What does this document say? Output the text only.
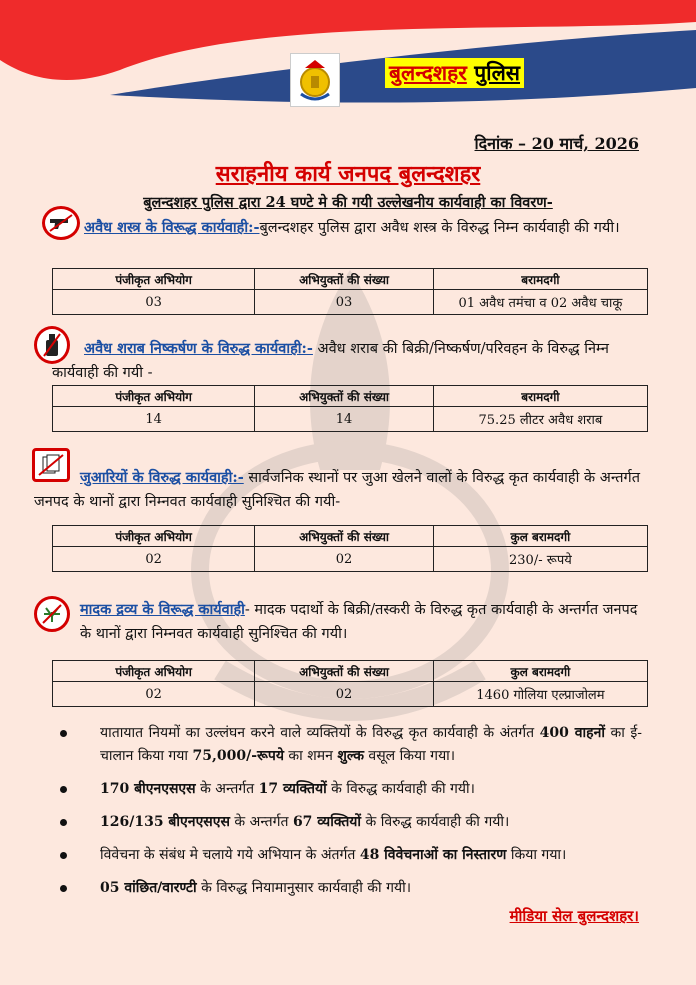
बुलन्दशहर पुलिस
दिनांक – 20 मार्च, 2026
सराहनीय कार्य जनपद बुलन्दशहर
बुलन्दशहर पुलिस द्वारा 24 घण्टे मे की गयी उल्लेखनीय कार्यवाही का विवरण-
अवैध शस्त्र के विरूद्ध कार्यवाही:-बुलन्दशहर पुलिस द्वारा अवैध शस्त्र के विरुद्ध निम्न कार्यवाही की गयी।
पंजीकृत अभियोग	अभियुक्तों की संख्या	बरामदगी
03	03	01 अवैध तमंचा व 02 अवैध चाकू
अवैध शराब निष्कर्षण के विरुद्ध कार्यवाही:- अवैध शराब की बिक्री/निष्कर्षण/परिवहन के विरुद्ध निम्न कार्यवाही की गयी -
पंजीकृत अभियोग	अभियुक्तों की संख्या	बरामदगी
14	14	75.25 लीटर अवैध शराब
जुआरियों के विरुद्ध कार्यवाही:- सार्वजनिक स्थानों पर जुआ खेलने वालों के विरुद्ध कृत कार्यवाही के अन्तर्गत जनपद के थानों द्वारा निम्नवत कार्यवाही सुनिश्चित की गयी-
पंजीकृत अभियोग	अभियुक्तों की संख्या	कुल बरामदगी
02	02	230/- रूपये
मादक द्रव्य के विरूद्ध कार्यवाही- मादक पदार्थो के बिक्री/तस्करी के विरुद्ध कृत कार्यवाही के अन्तर्गत जनपद के थानों द्वारा निम्नवत कार्यवाही सुनिश्चित की गयी।
पंजीकृत अभियोग	अभियुक्तों की संख्या	कुल बरामदगी
02	02	1460 गोलिया एल्प्राजोलम
यातायात नियमों का उल्लंघन करने वाले व्यक्तियों के विरुद्ध कृत कार्यवाही के अंतर्गत 400 वाहनों का ई-चालान किया गया 75,000/-रूपये का शमन शुल्क वसूल किया गया।
170 बीएनएसएस के अन्तर्गत 17 व्यक्तियों के विरुद्ध कार्यवाही की गयी।
126/135 बीएनएसएस के अन्तर्गत 67 व्यक्तियों के विरुद्ध कार्यवाही की गयी।
विवेचना के संबंध मे चलाये गये अभियान के अंतर्गत 48 विवेचनाओं का निस्तारण किया गया।
05 वांछित/वारण्टी के विरुद्ध नियामानुसार कार्यवाही की गयी।
मीडिया सेल बुलन्दशहर।
